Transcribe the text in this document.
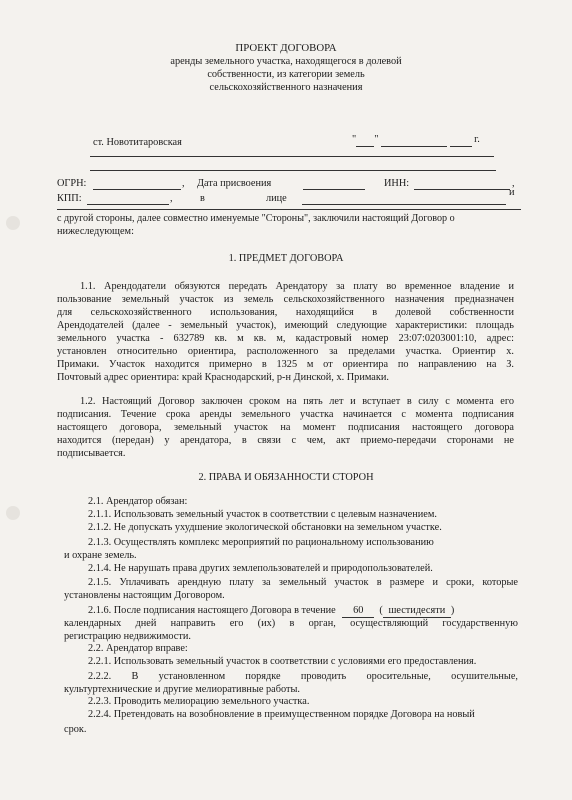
ПРОЕКТ ДОГОВОРА
аренды земельного участка, находящегося в долевой
собственности, из категории земель
сельскохозяйственного назначения
ст. Новотитаровская	" "	г.
ОГРН:	, Дата присвоения	ИНН:	,
КПП:	,	в	лице
и
с другой стороны, далее совместно именуемые "Стороны", заключили настоящий Договор о
нижеследующем:
1. ПРЕДМЕТ ДОГОВОРА
1.1. Арендодатели обязуются передать Арендатору за плату во временное владение и
пользование земельный участок из земель сельскохозяйственного назначения предназначен
для сельскохозяйственного использования, находящийся в долевой собственности
Арендодателей (далее - земельный участок), имеющий следующие характеристики: площадь
земельного участка - 632789 кв. м кв. м, кадастровый номер 23:07:0203001:10, адрес:
установлен относительно ориентира, расположенного за пределами участка. Ориентир х.
Примаки. Участок находится примерно в 1325 м от ориентира по направлению на З.
Почтовый адрес ориентира: край Краснодарский, р-н Динской, х. Примаки.
1.2. Настоящий Договор заключен сроком на пять лет и вступает в силу с момента его
подписания. Течение срока аренды земельного участка начинается с момента подписания
настоящего договора, земельный участок на момент подписания настоящего договора
находится (передан) у арендатора, в связи с чем, акт приемо-передачи сторонами не
подписывается.
2. ПРАВА И ОБЯЗАННОСТИ СТОРОН
2.1. Арендатор обязан:
2.1.1. Использовать земельный участок в соответствии с целевым назначением.
2.1.2. Не допускать ухудшение экологической обстановки на земельном участке.
2.1.3. Осуществлять комплекс мероприятий по рациональному использованию
и охране земель.
2.1.4. Не нарушать права других землепользователей и природопользователей.
2.1.5. Уплачивать арендную плату за земельный участок в размере и сроки, которые
установлены настоящим Договором.
2.1.6. После подписания настоящего Договора в течение 60  ( шестидесяти )
календарных дней направить его (их) в орган, осуществляющий государственную
регистрацию недвижимости.
2.2. Арендатор вправе:
2.2.1. Использовать земельный участок в соответствии с условиями его предоставления.
2.2.2. В установленном порядке проводить оросительные, осушительные,
культуртехнические и другие мелиоративные работы.
2.2.3. Проводить мелиорацию земельного участка.
2.2.4. Претендовать на возобновление в преимущественном порядке Договора на новый
срок.
